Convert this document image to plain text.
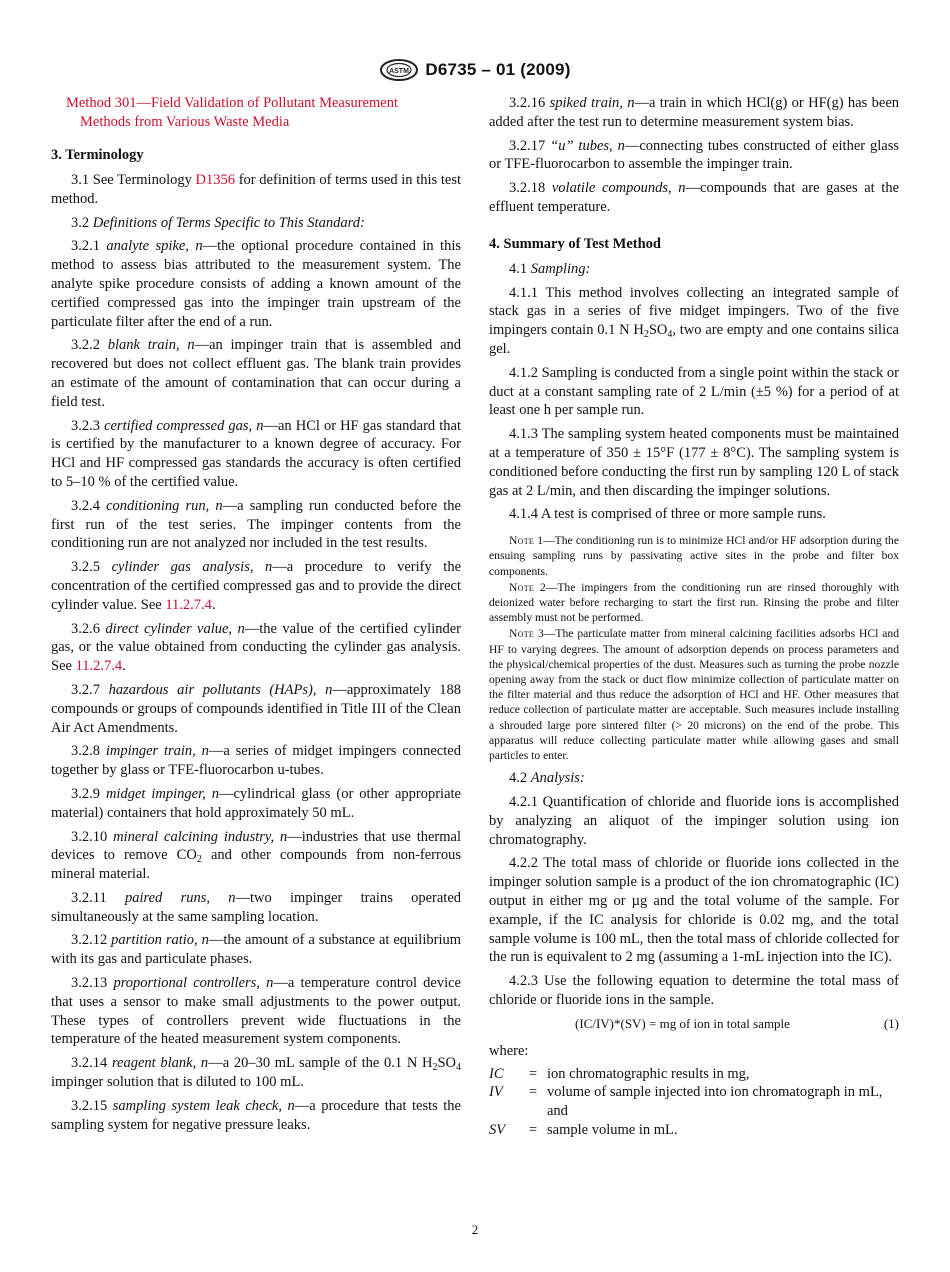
ASTM D6735 – 01 (2009)

Method 301—Field Validation of Pollutant Measurement
Methods from Various Waste Media

3. Terminology

3.1 See Terminology D1356 for definition of terms used in this test method.

3.2 Definitions of Terms Specific to This Standard:

3.2.1 analyte spike, n—the optional procedure contained in this method to assess bias attributed to the measurement system. The analyte spike procedure consists of adding a known amount of the certified compressed gas into the impinger train upstream of the particulate filter after the end of a run.

3.2.2 blank train, n—an impinger train that is assembled and recovered but does not collect effluent gas. The blank train provides an estimate of the amount of contamination that can occur during a field test.

3.2.3 certified compressed gas, n—an HCl or HF gas standard that is certified by the manufacturer to a known degree of accuracy. For HCl and HF compressed gas standards the accuracy is often certified to 5–10 % of the certified value.

3.2.4 conditioning run, n—a sampling run conducted before the first run of the test series. The impinger contents from the conditioning run are not analyzed nor included in the test results.

3.2.5 cylinder gas analysis, n—a procedure to verify the concentration of the certified compressed gas and to provide the direct cylinder value. See 11.2.7.4.

3.2.6 direct cylinder value, n—the value of the certified cylinder gas, or the value obtained from conducting the cylinder gas analysis. See 11.2.7.4.

3.2.7 hazardous air pollutants (HAPs), n—approximately 188 compounds or groups of compounds identified in Title III of the Clean Air Act Amendments.

3.2.8 impinger train, n—a series of midget impingers connected together by glass or TFE-fluorocarbon u-tubes.

3.2.9 midget impinger, n—cylindrical glass (or other appropriate material) containers that hold approximately 50 mL.

3.2.10 mineral calcining industry, n—industries that use thermal devices to remove $CO_2$ and other compounds from non-ferrous mineral material.

3.2.11 paired runs, n—two impinger trains operated simultaneously at the same sampling location.

3.2.12 partition ratio, n—the amount of a substance at equilibrium with its gas and particulate phases.

3.2.13 proportional controllers, n—a temperature control device that uses a sensor to make small adjustments to the power output. These types of controllers prevent wide fluctuations in the temperature of the heated measurement system components.

3.2.14 reagent blank, n—a 20–30 mL sample of the 0.1 N $H_2SO_4$ impinger solution that is diluted to 100 mL.

3.2.15 sampling system leak check, n—a procedure that tests the sampling system for negative pressure leaks.

3.2.16 spiked train, n—a train in which HCl(g) or HF(g) has been added after the test run to determine measurement system bias.

3.2.17 “u” tubes, n—connecting tubes constructed of either glass or TFE-fluorocarbon to assemble the impinger train.

3.2.18 volatile compounds, n—compounds that are gases at the effluent temperature.

4. Summary of Test Method

4.1 Sampling:

4.1.1 This method involves collecting an integrated sample of stack gas in a series of five midget impingers. Two of the five impingers contain 0.1 N $H_2SO_4$, two are empty and one contains silica gel.

4.1.2 Sampling is conducted from a single point within the stack or duct at a constant sampling rate of 2 L/min (±5 %) for a period of at least one h per sample run.

4.1.3 The sampling system heated components must be maintained at a temperature of 350 ± 15°F (177 ± 8°C). The sampling system is conditioned before conducting the first run by sampling 120 L of stack gas at 2 L/min, and then discarding the impinger solutions.

4.1.4 A test is comprised of three or more sample runs.

Note 1—The conditioning run is to minimize HCl and/or HF adsorption during the ensuing sampling runs by passivating active sites in the probe and filter box components.

Note 2—The impingers from the conditioning run are rinsed thoroughly with deionized water before recharging to start the first run. Rinsing the probe and filter assembly must not be performed.

Note 3—The particulate matter from mineral calcining facilities adsorbs HCl and HF to varying degrees. The amount of adsorption depends on process parameters and the physical/chemical properties of the dust. Measures such as turning the probe nozzle opening away from the stack or duct flow minimize collection of particulate matter on the filter material and thus reduce the adsorption of HCl and HF. Other measures that reduce collection of particulate matter are acceptable. Such measures include installing a shrouded large pore sintered filter (> 20 microns) on the end of the probe. This apparatus will reduce collecting particulate matter while allowing gases and small particles to enter.

4.2 Analysis:

4.2.1 Quantification of chloride and fluoride ions is accomplished by analyzing an aliquot of the impinger solution using ion chromatography.

4.2.2 The total mass of chloride or fluoride ions collected in the impinger solution sample is a product of the ion chromatographic (IC) output in either mg or µg and the total volume of the sample. For example, if the IC analysis for chloride is 0.02 mg, and the total sample volume is 100 mL, then the total mass of chloride collected for the run is equivalent to 2 mg (assuming a 1-mL injection into the IC).

4.2.3 Use the following equation to determine the total mass of chloride or fluoride ions in the sample.

(IC/IV)*(SV) = mg of ion in total sample	(1)

where:

IC	= ion chromatographic results in mg,
IV	= volume of sample injected into ion chromatograph in mL, and
SV	= sample volume in mL.
2
